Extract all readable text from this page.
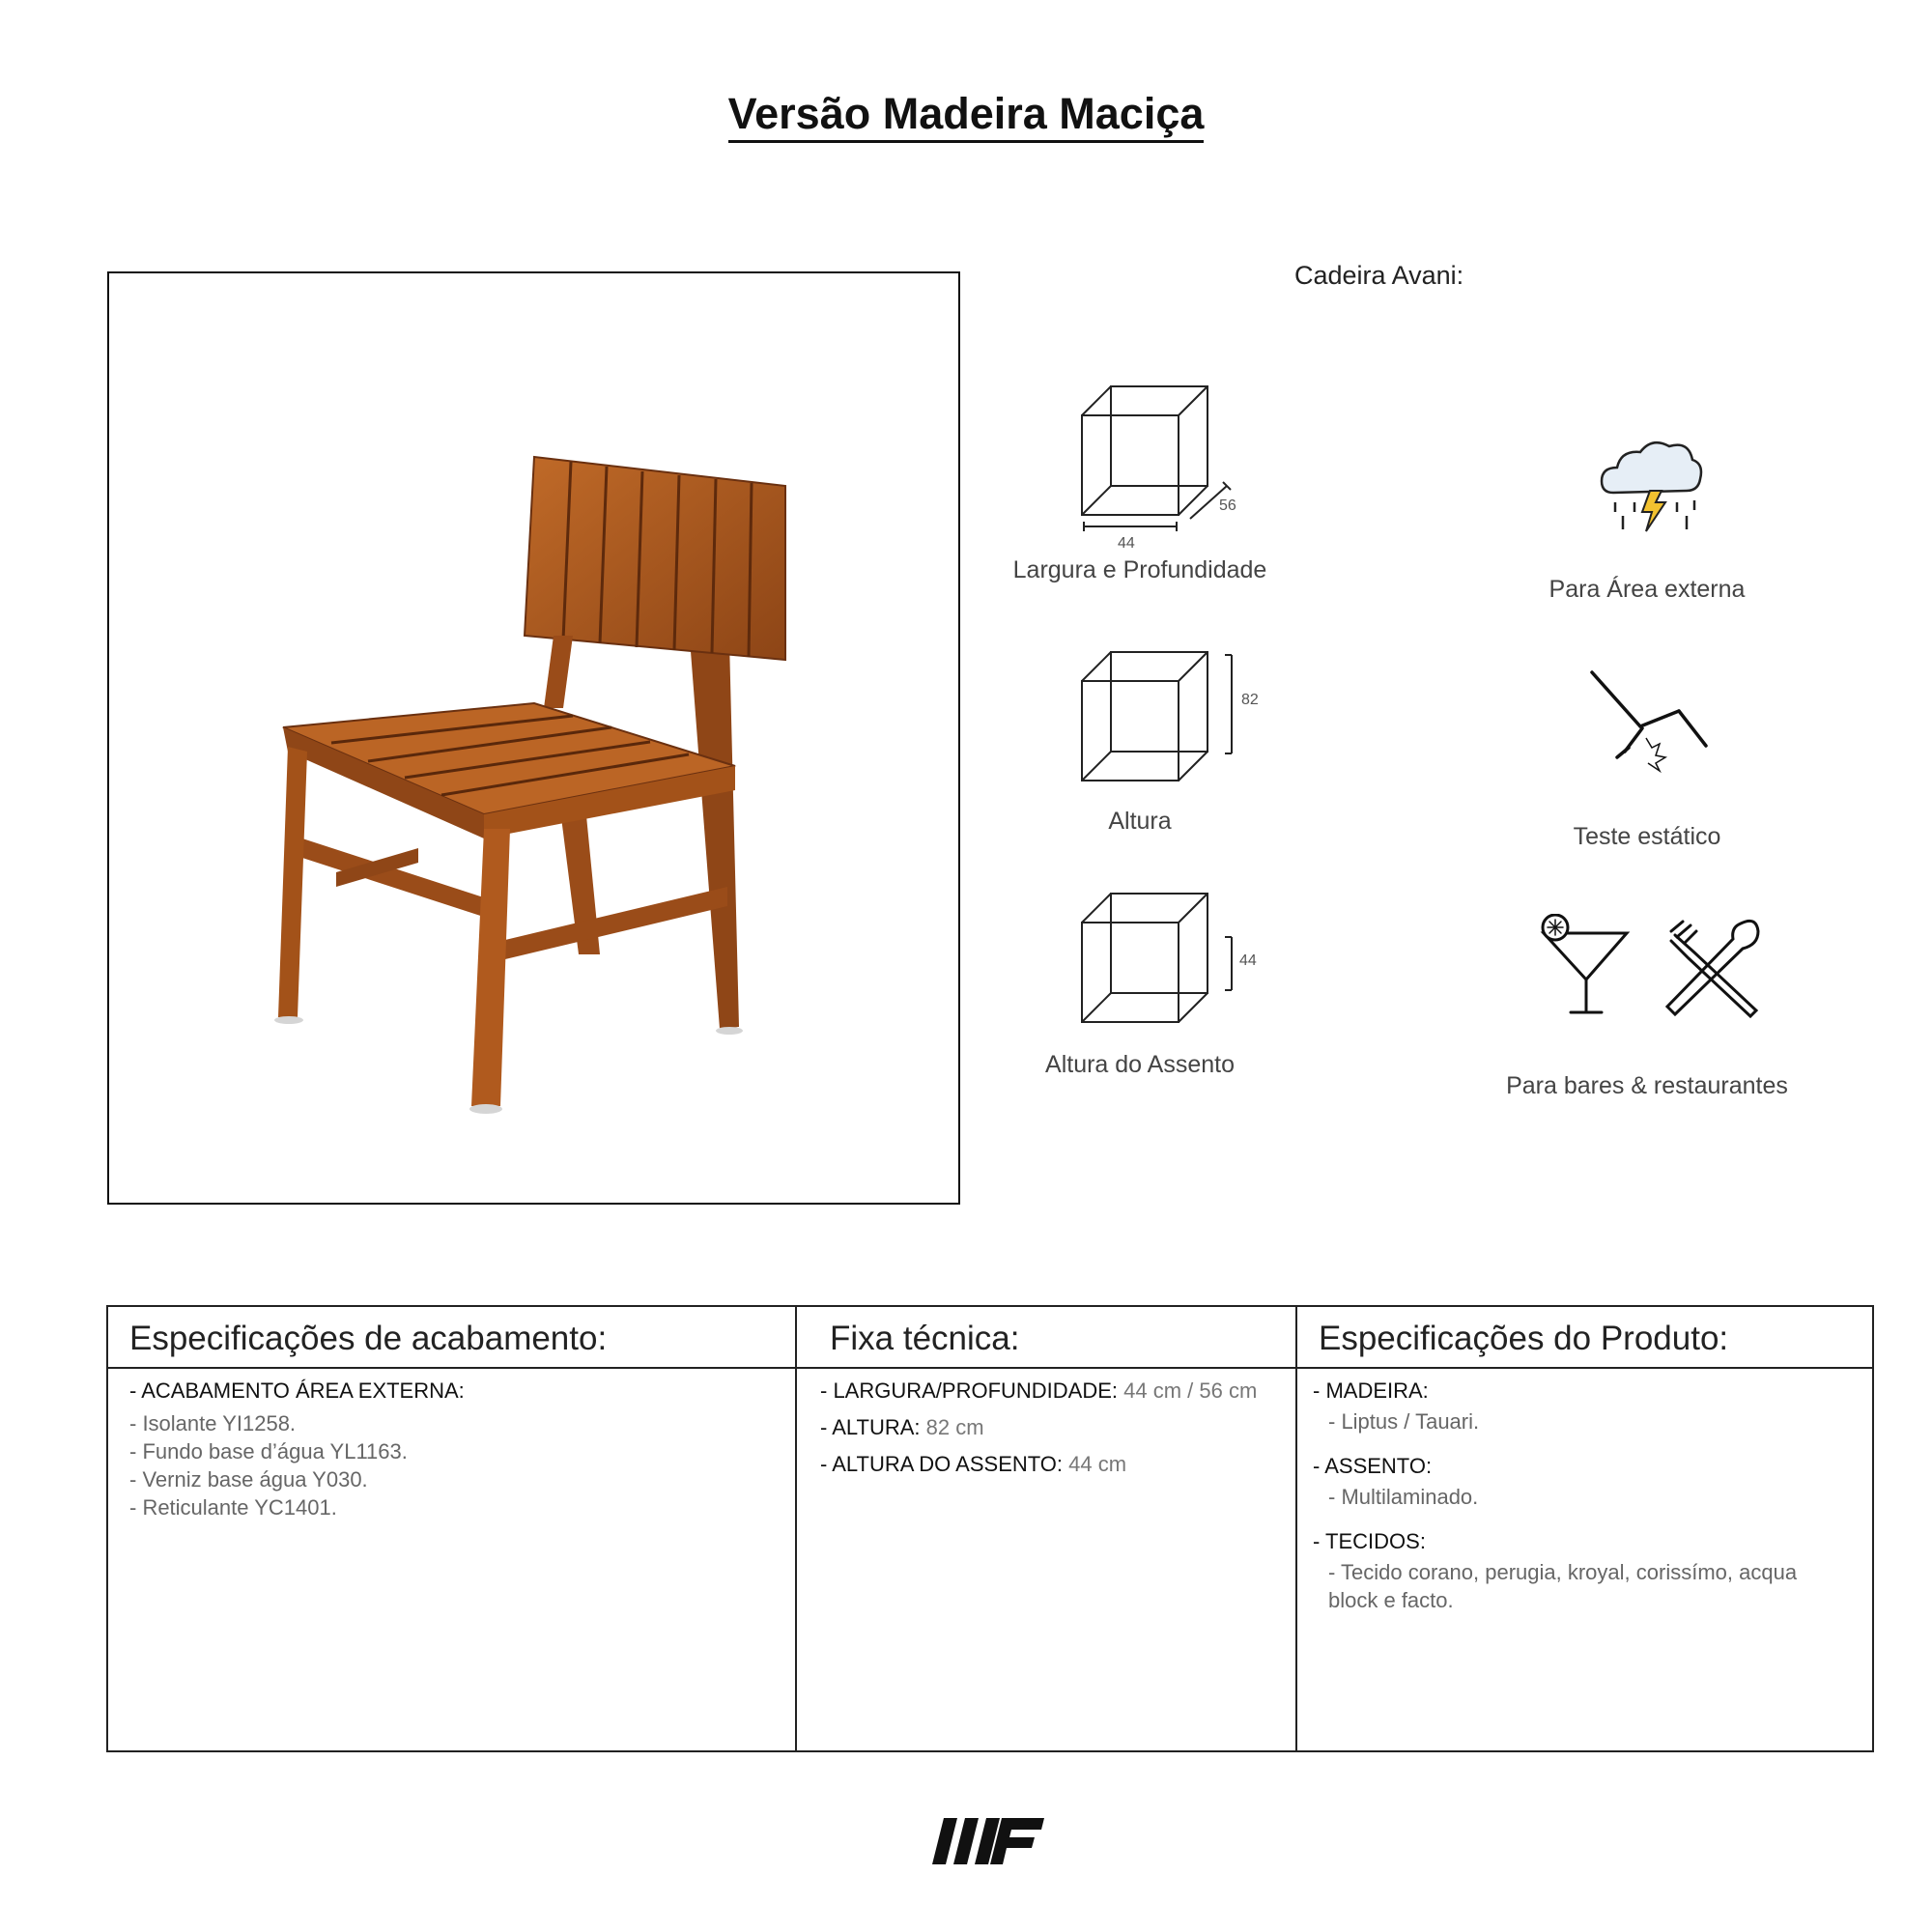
Versão Madeira Maciça
Cadeira Avani:
56
44
Largura e Profundidade
82
Altura
44
Altura do Assento
Para Área externa
Teste estático
Para bares & restaurantes
Especificações de acabamento:
- ACABAMENTO ÁREA EXTERNA:
- Isolante YI1258.
- Fundo base d’água YL1163.
- Verniz base água Y030.
- Reticulante YC1401.
Fixa técnica:
- LARGURA/PROFUNDIDADE: 44 cm / 56 cm
- ALTURA: 82 cm
- ALTURA DO ASSENTO: 44 cm
Especificações do Produto:
- MADEIRA:
- Liptus / Tauari.
- ASSENTO:
- Multilaminado.
- TECIDOS:
- Tecido corano, perugia, kroyal, corissímo, acqua
block e facto.
